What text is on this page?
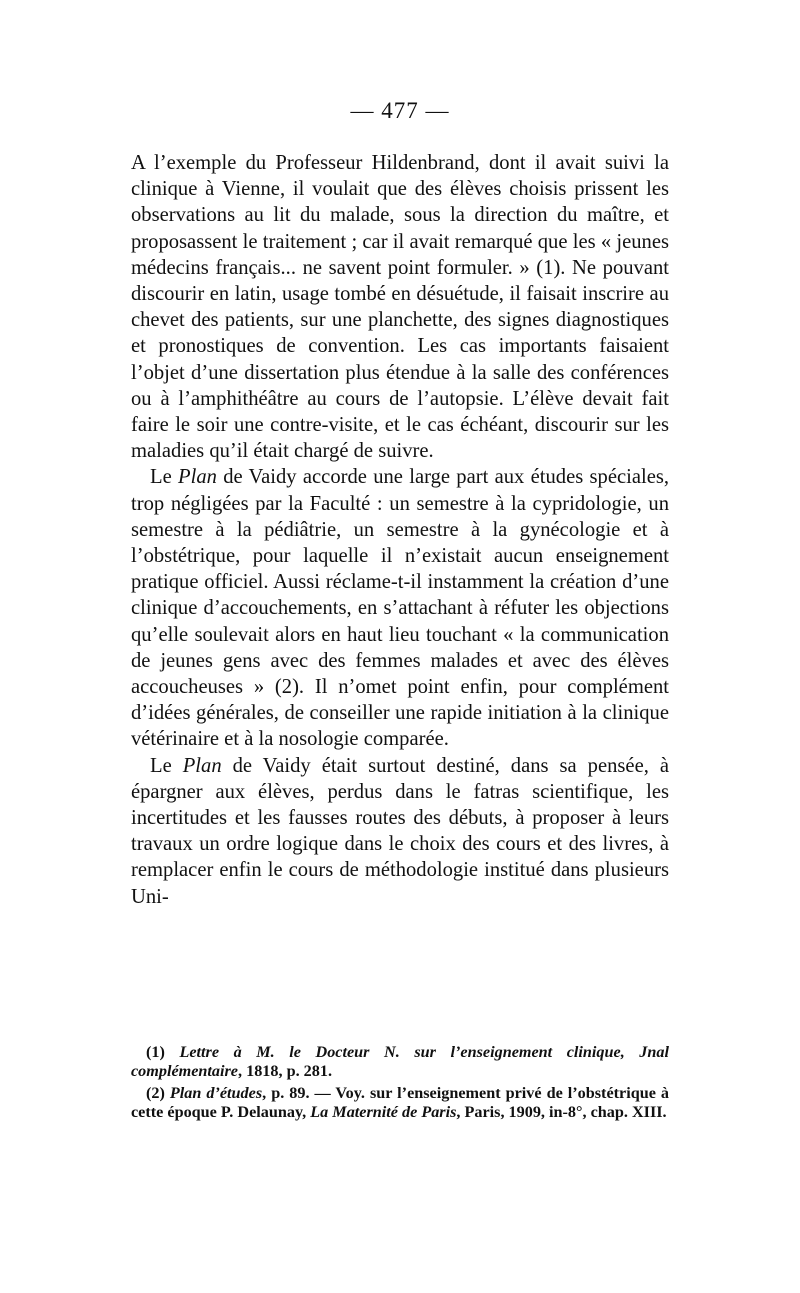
— 477 —

A l’exemple du Professeur Hildenbrand, dont il avait suivi la clinique à Vienne, il voulait que des élèves choisis prissent les observations au lit du malade, sous la direction du maître, et proposassent le traitement ; car il avait remarqué que les « jeunes médecins français... ne savent point formuler. » (1). Ne pouvant discourir en latin, usage tombé en désuétude, il faisait inscrire au chevet des patients, sur une planchette, des signes diagnostiques et pronostiques de convention. Les cas importants faisaient l’objet d’une dissertation plus étendue à la salle des conférences ou à l’amphithéâtre au cours de l’autopsie. L’élève devait fait faire le soir une contre-visite, et le cas échéant, discourir sur les maladies qu’il était chargé de suivre.

Le Plan de Vaidy accorde une large part aux études spéciales, trop négligées par la Faculté : un semestre à la cypridologie, un semestre à la pédiâtrie, un semestre à la gynécologie et à l’obstétrique, pour laquelle il n’existait aucun enseignement pratique officiel. Aussi réclame-t-il instamment la création d’une clinique d’accouchements, en s’attachant à réfuter les objections qu’elle soulevait alors en haut lieu touchant « la communication de jeunes gens avec des femmes malades et avec des élèves accoucheuses » (2). Il n’omet point enfin, pour complément d’idées générales, de conseiller une rapide initiation à la clinique vétérinaire et à la nosologie comparée.

Le Plan de Vaidy était surtout destiné, dans sa pensée, à épargner aux élèves, perdus dans le fatras scientifique, les incertitudes et les fausses routes des débuts, à proposer à leurs travaux un ordre logique dans le choix des cours et des livres, à remplacer enfin le cours de méthodologie institué dans plusieurs Uni-

(1) Lettre à M. le Docteur N. sur l’enseignement clinique, Jnal complémentaire, 1818, p. 281.

(2) Plan d’études, p. 89. — Voy. sur l’enseignement privé de l’obstétrique à cette époque P. Delaunay, La Maternité de Paris, Paris, 1909, in-8°, chap. XIII.
